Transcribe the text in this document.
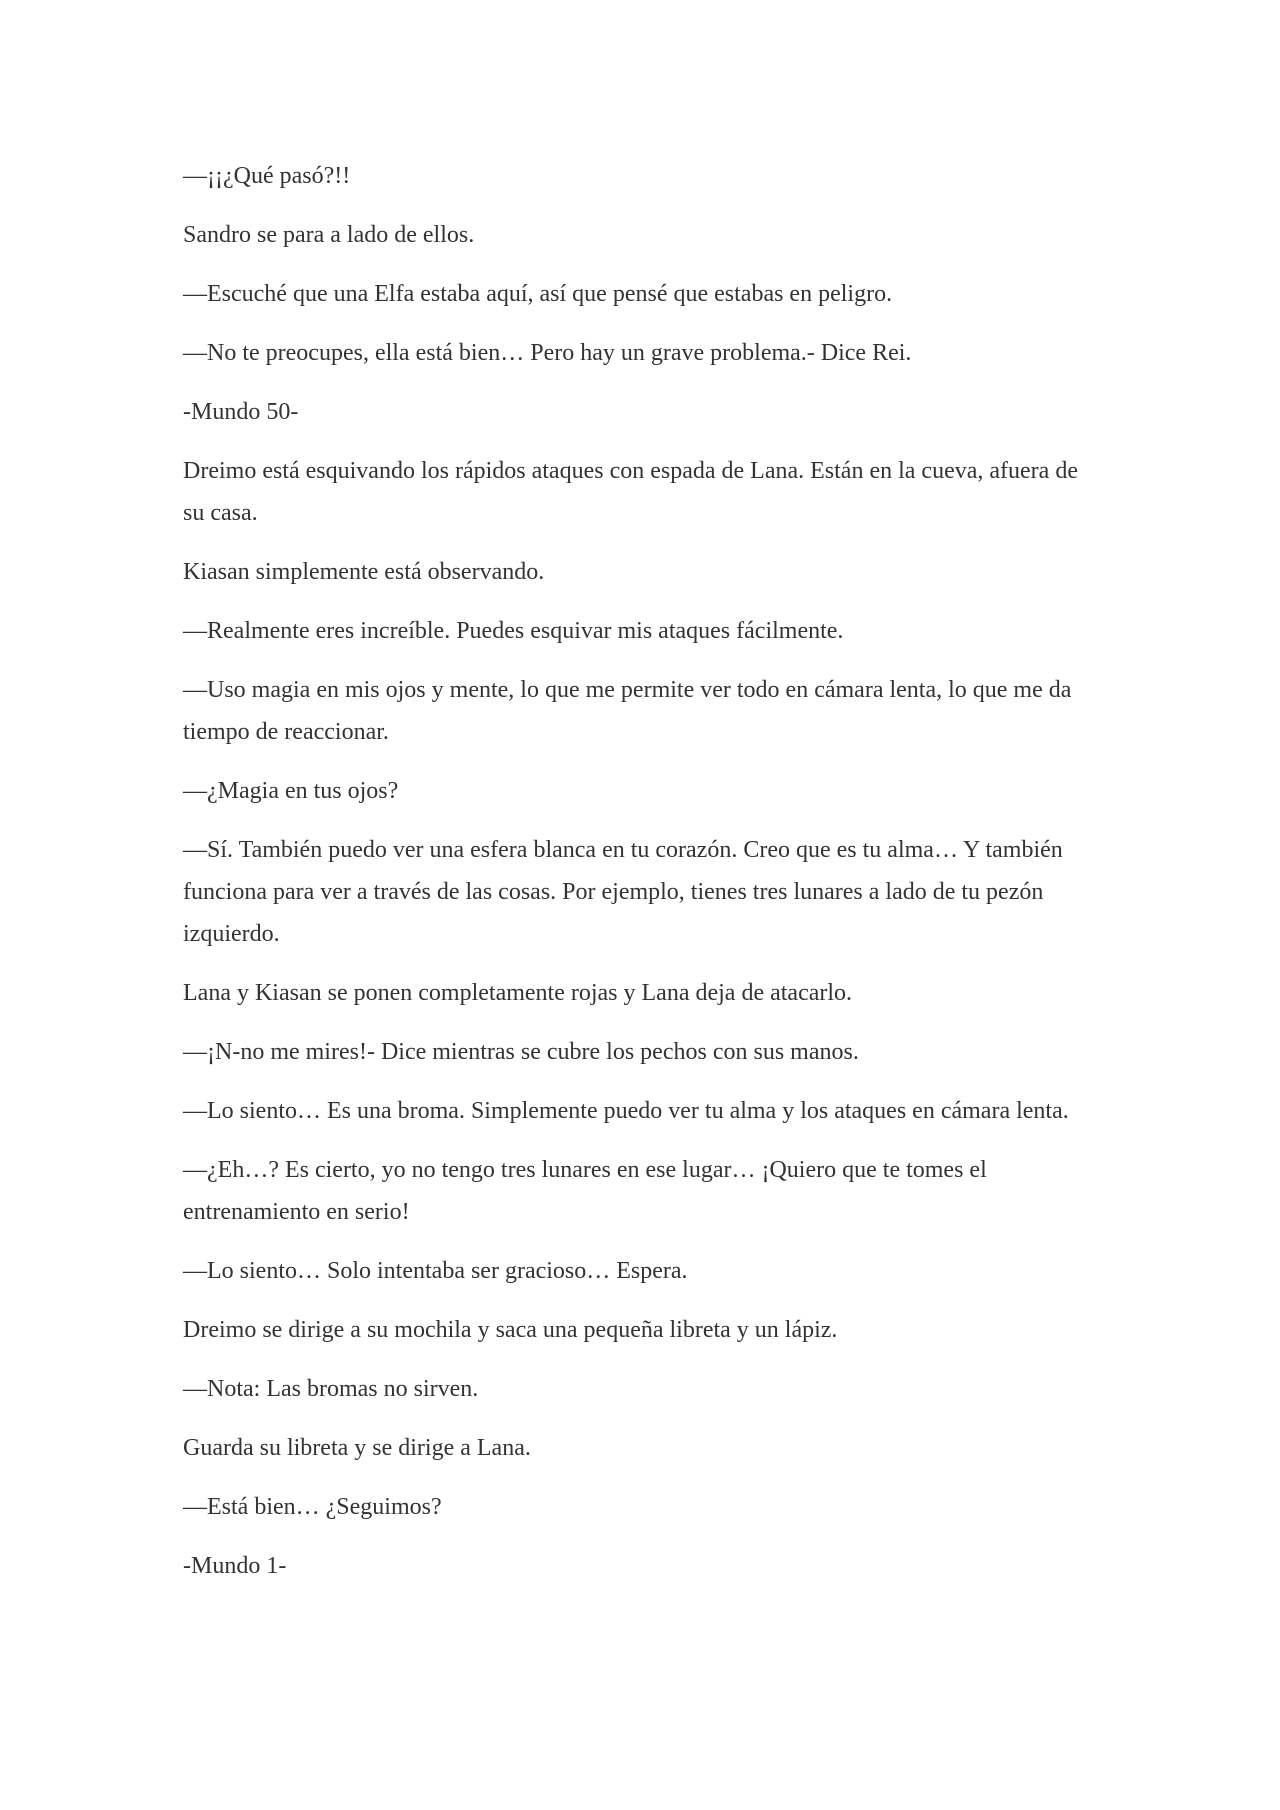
—¡¡¿Qué pasó?!!

Sandro se para a lado de ellos.

—Escuché que una Elfa estaba aquí, así que pensé que estabas en peligro.

—No te preocupes, ella está bien… Pero hay un grave problema.- Dice Rei.

-Mundo 50-

Dreimo está esquivando los rápidos ataques con espada de Lana. Están en la cueva, afuera de su casa.

Kiasan simplemente está observando.

—Realmente eres increíble. Puedes esquivar mis ataques fácilmente.

—Uso magia en mis ojos y mente, lo que me permite ver todo en cámara lenta, lo que me da tiempo de reaccionar.

—¿Magia en tus ojos?

—Sí. También puedo ver una esfera blanca en tu corazón. Creo que es tu alma… Y también funciona para ver a través de las cosas. Por ejemplo, tienes tres lunares a lado de tu pezón izquierdo.

Lana y Kiasan se ponen completamente rojas y Lana deja de atacarlo.

—¡N-no me mires!- Dice mientras se cubre los pechos con sus manos.

—Lo siento… Es una broma. Simplemente puedo ver tu alma y los ataques en cámara lenta.

—¿Eh…? Es cierto, yo no tengo tres lunares en ese lugar… ¡Quiero que te tomes el entrenamiento en serio!

—Lo siento… Solo intentaba ser gracioso… Espera.

Dreimo se dirige a su mochila y saca una pequeña libreta y un lápiz.

—Nota: Las bromas no sirven.

Guarda su libreta y se dirige a Lana.

—Está bien… ¿Seguimos?

-Mundo 1-
